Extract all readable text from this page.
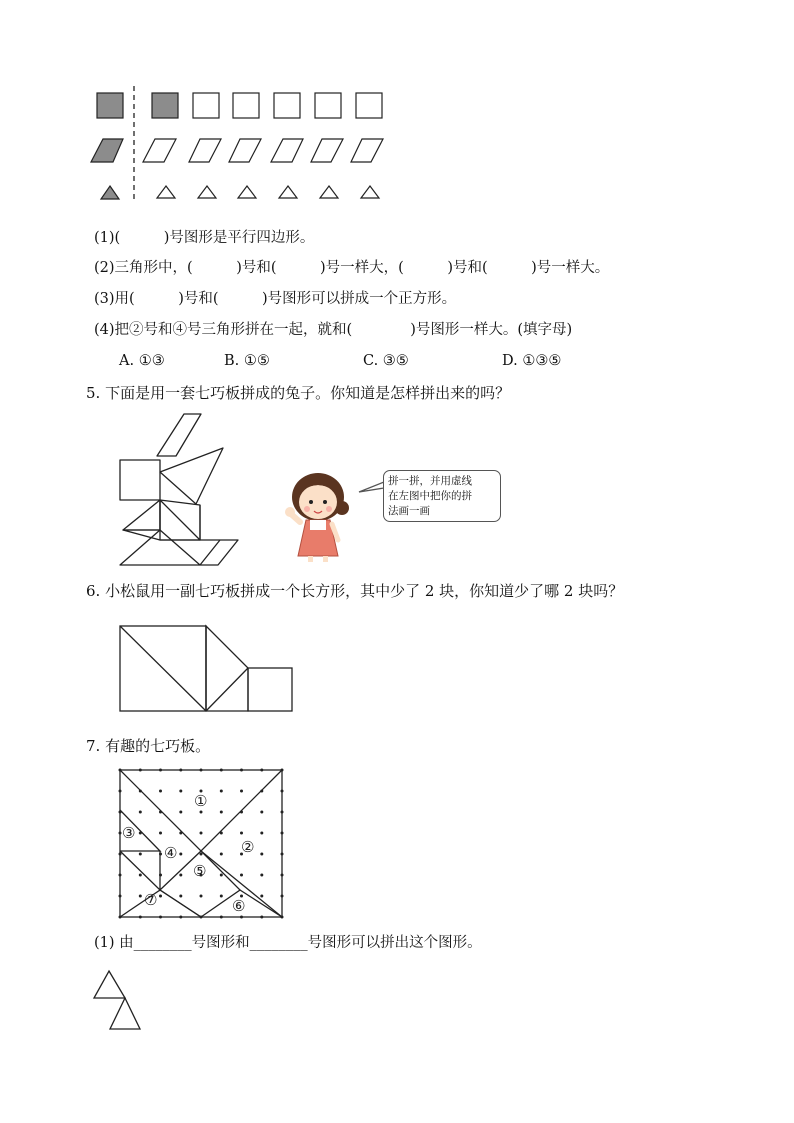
(1)(　　　)号图形是平行四边形。
(2)三角形中，(　　　)号和(　　　)号一样大，(　　　)号和(　　　)号一样大。
(3)用(　　　)号和(　　　)号图形可以拼成一个正方形。
(4)把②号和④号三角形拼在一起，就和(　　　　)号图形一样大。(填字母)
A. ①③	B. ①⑤	C. ③⑤	D. ①③⑤
5. 下面是用一套七巧板拼成的兔子。你知道是怎样拼出来的吗？
拼一拼，并用虚线
在左图中把你的拼
法画一画
6. 小松鼠用一副七巧板拼成一个长方形，其中少了 2 块，你知道少了哪 2 块吗？
7. 有趣的七巧板。
①
②
③
④
⑤
⑥
⑦
(1) 由________号图形和________号图形可以拼出这个图形。
